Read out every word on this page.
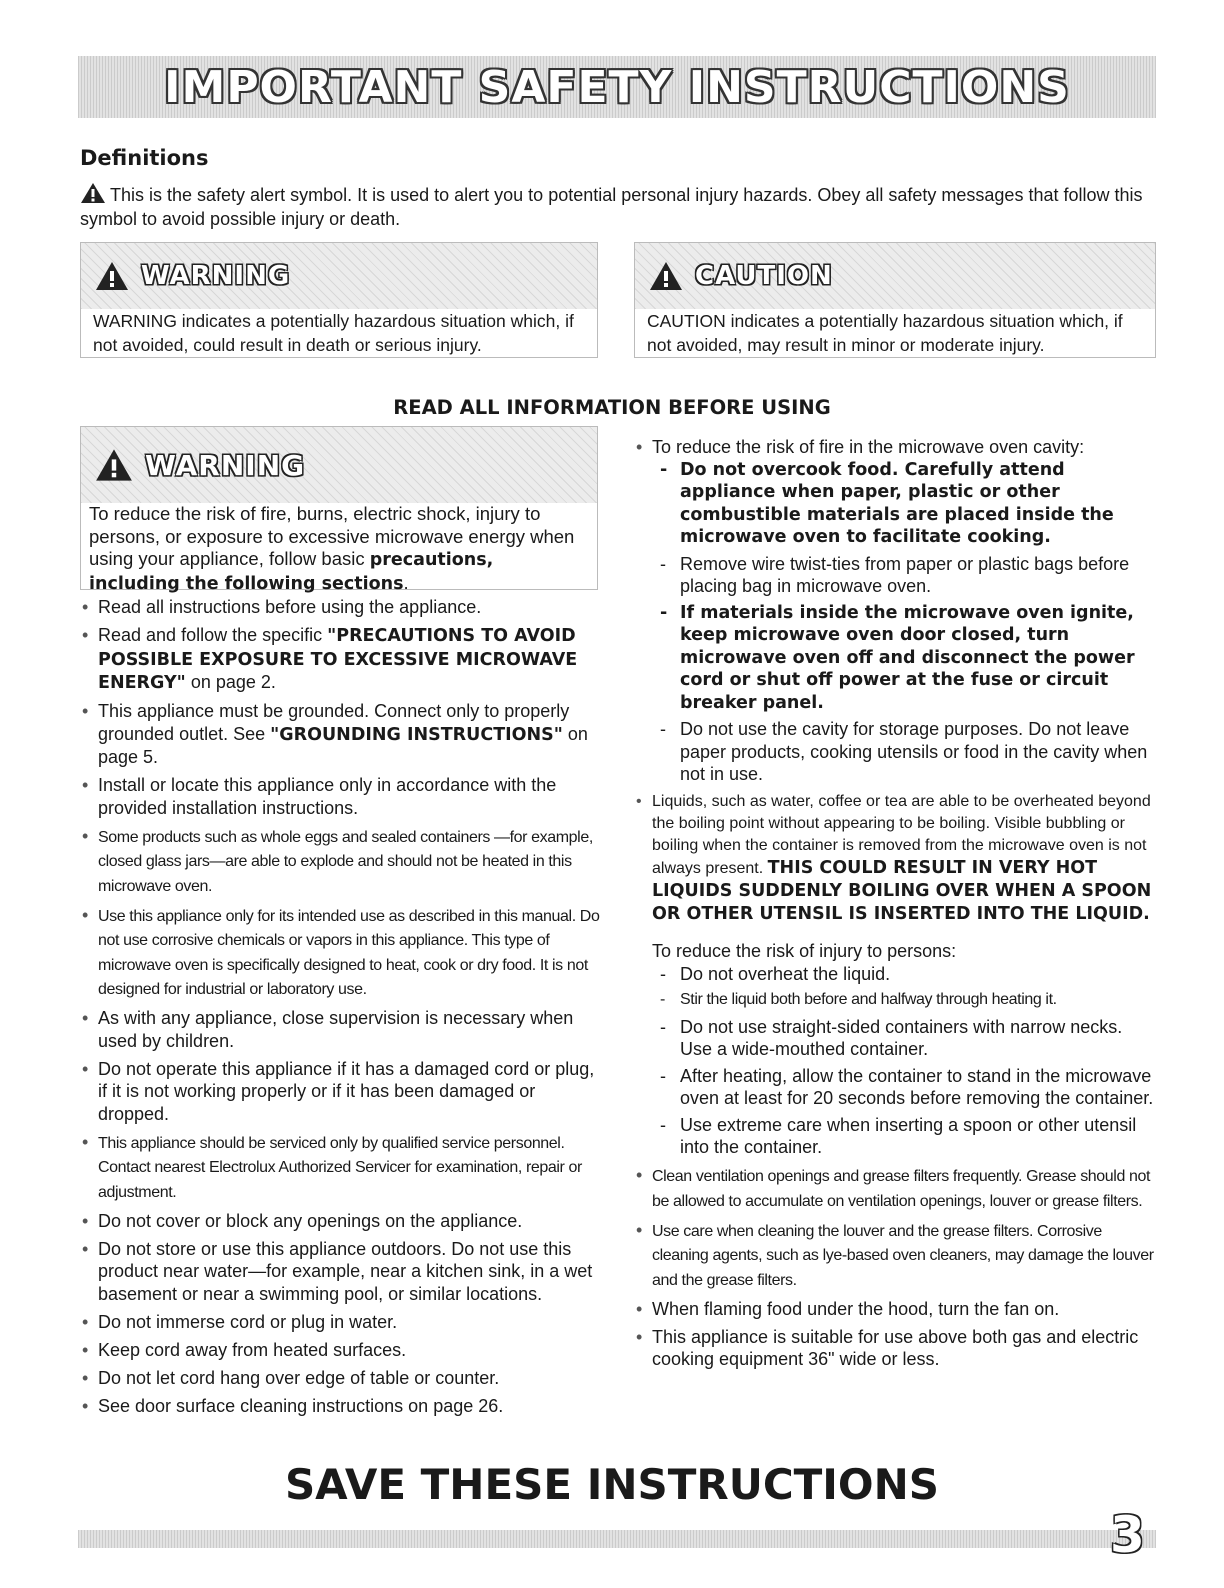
IMPORTANT SAFETY INSTRUCTIONS
Definitions

This is the safety alert symbol. It is used to alert you to potential personal injury hazards. Obey all safety messages that follow this symbol to avoid possible injury or death.

WARNING
WARNING indicates a potentially hazardous situation which, if not avoided, could result in death or serious injury.
CAUTION
CAUTION indicates a potentially hazardous situation which, if not avoided, may result in minor or moderate injury.
READ ALL INFORMATION BEFORE USING
WARNING
To reduce the risk of fire, burns, electric shock, injury to persons, or exposure to excessive microwave energy when using your appliance, follow basic precautions, including the following sections.
• Read all instructions before using the appliance.
• Read and follow the specific "PRECAUTIONS TO AVOID POSSIBLE EXPOSURE TO EXCESSIVE MICROWAVE ENERGY" on page 2.
• This appliance must be grounded. Connect only to properly grounded outlet. See "GROUNDING INSTRUCTIONS" on page 5.
• Install or locate this appliance only in accordance with the provided installation instructions.
• Some products such as whole eggs and sealed containers —for example, closed glass jars—are able to explode and should not be heated in this microwave oven.
• Use this appliance only for its intended use as described in this manual. Do not use corrosive chemicals or vapors in this appliance. This type of microwave oven is specifically designed to heat, cook or dry food. It is not designed for industrial or laboratory use.
• As with any appliance, close supervision is necessary when used by children.
• Do not operate this appliance if it has a damaged cord or plug, if it is not working properly or if it has been damaged or dropped.
• This appliance should be serviced only by qualified service personnel. Contact nearest Electrolux Authorized Servicer for examination, repair or adjustment.
• Do not cover or block any openings on the appliance.
• Do not store or use this appliance outdoors. Do not use this product near water—for example, near a kitchen sink, in a wet basement or near a swimming pool, or similar locations.
• Do not immerse cord or plug in water.
• Keep cord away from heated surfaces.
• Do not let cord hang over edge of table or counter.
• See door surface cleaning instructions on page 26.
• To reduce the risk of fire in the microwave oven cavity:
- Do not overcook food. Carefully attend appliance when paper, plastic or other combustible materials are placed inside the microwave oven to facilitate cooking.
- Remove wire twist-ties from paper or plastic bags before placing bag in microwave oven.
- If materials inside the microwave oven ignite, keep microwave oven door closed, turn microwave oven off and disconnect the power cord or shut off power at the fuse or circuit breaker panel.
- Do not use the cavity for storage purposes. Do not leave paper products, cooking utensils or food in the cavity when not in use.
• Liquids, such as water, coffee or tea are able to be overheated beyond the boiling point without appearing to be boiling. Visible bubbling or boiling when the container is removed from the microwave oven is not always present. THIS COULD RESULT IN VERY HOT LIQUIDS SUDDENLY BOILING OVER WHEN A SPOON OR OTHER UTENSIL IS INSERTED INTO THE LIQUID.
To reduce the risk of injury to persons:
- Do not overheat the liquid.
- Stir the liquid both before and halfway through heating it.
- Do not use straight-sided containers with narrow necks. Use a wide-mouthed container.
- After heating, allow the container to stand in the microwave oven at least for 20 seconds before removing the container.
- Use extreme care when inserting a spoon or other utensil into the container.
• Clean ventilation openings and grease filters frequently. Grease should not be allowed to accumulate on ventilation openings, louver or grease filters.
• Use care when cleaning the louver and the grease filters. Corrosive cleaning agents, such as lye-based oven cleaners, may damage the louver and the grease filters.
• When flaming food under the hood, turn the fan on.
• This appliance is suitable for use above both gas and electric cooking equipment 36" wide or less.
SAVE THESE INSTRUCTIONS
3
